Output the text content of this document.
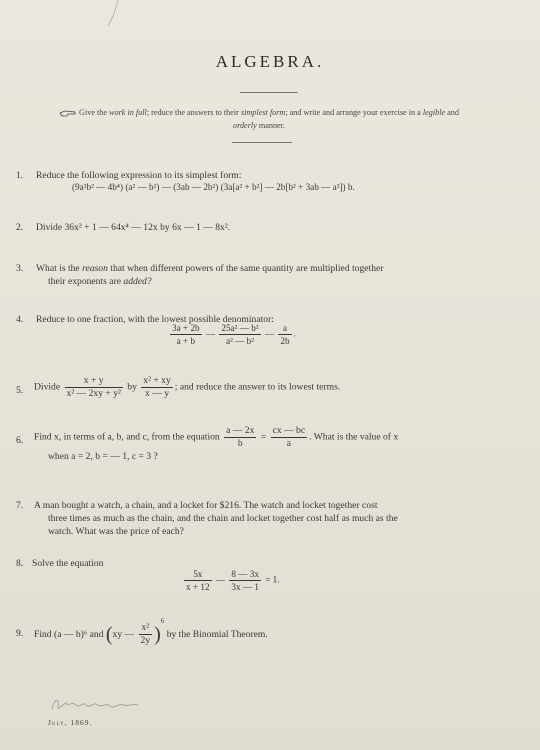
ALGEBRA.
Give the work in full; reduce the answers to their simplest form; and write and arrange your exercise in a legible and
orderly manner.
1. Reduce the following expression to its simplest form:
(9a²b² — 4b⁴) (a² — b²) — (3ab — 2b²) (3a[a² + b²] — 2b[b² + 3ab — a²]) b.
2. Divide 36x² + 1 — 64x⁴ — 12x by 6x — 1 — 8x².
3. What is the reason that when different powers of the same quantity are multiplied together
their exponents are added?
4. Reduce to one fraction, with the lowest possible denominator:
$\frac{3a + 2b}{a + b}$ — $\frac{\text{25a² — b²}}{\text{a² — b²}}$ — $\frac{a}{2b}$ .
5. Divide $\frac{x + y}{\text{x² — 2xy + y²}}$ by $\frac{\text{x² + xy}}{x — y}$ ; and reduce the answer to its lowest terms.
6. Find x, in terms of a, b, and c, from the equation $\frac{a — 2x}{b} = \frac{cx — bc}{a}$ . What is the value of x
when a = 2, b = — 1, c = 3 ?
7. A man bought a watch, a chain, and a locket for $216. The watch and locket together cost
three times as much as the chain, and the chain and locket together cost half as much as the
watch. What was the price of each?
8. Solve the equation
$\frac{5x}{x + 12}$ — $\frac{8 — 3x}{3x — 1} = 1$.
9. Find (a — b)⁶ and (xy — $\frac{\text{x²}}{2y} )^6$ by the Binomial Theorem.
July, 1869.
